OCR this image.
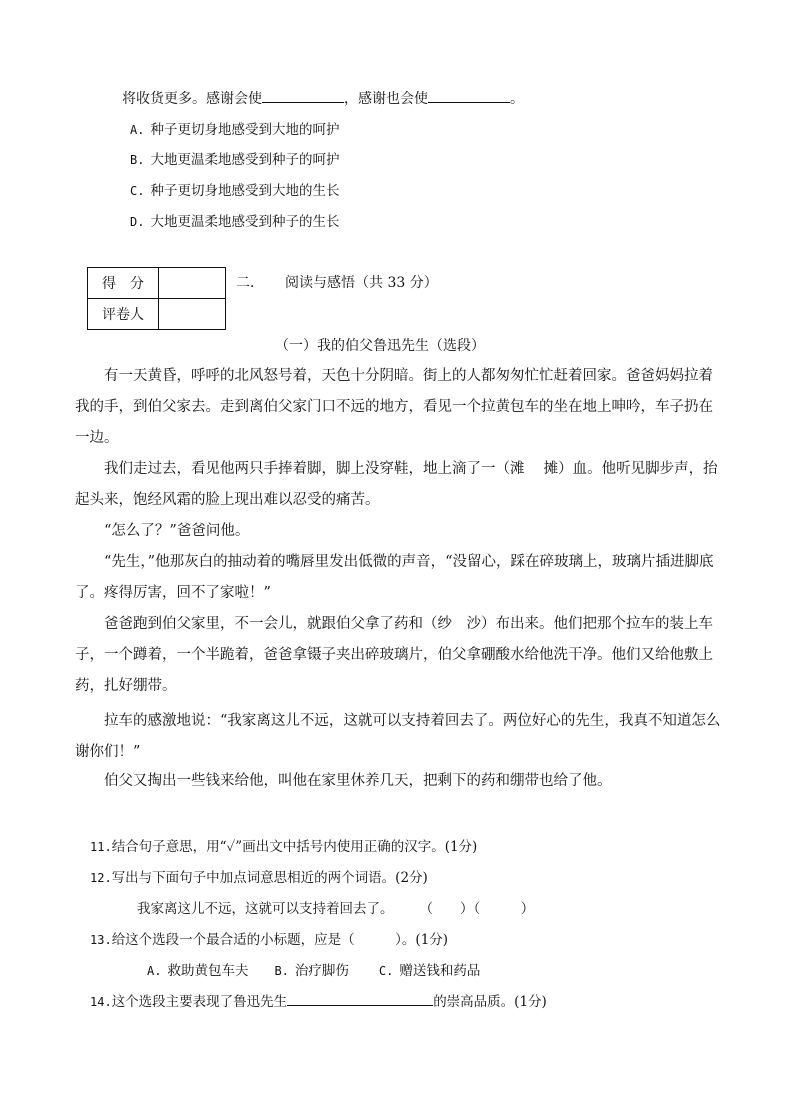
将收货更多。感谢会使	，感谢也会使	。
A. 种子更切身地感受到大地的呵护
B. 大地更温柔地感受到种子的呵护
C. 种子更切身地感受到大地的生长
D. 大地更温柔地感受到种子的生长
得　分	
评卷人	
二．　　阅读与感悟（共 33 分）
（一）我的伯父鲁迅先生（选段）
有一天黄昏，呼呼的北风怒号着，天色十分阴暗。街上的人都匆匆忙忙赶着回家。爸爸妈妈拉着我的手，到伯父家去。走到离伯父家门口不远的地方，看见一个拉黄包车的坐在地上呻吟，车子扔在一边。
我们走过去，看见他两只手捧着脚，脚上没穿鞋，地上滴了一（滩　 摊）血。他听见脚步声，抬起头来，饱经风霜的脸上现出难以忍受的痛苦。
“怎么了？”爸爸问他。
“先生，”他那灰白的抽动着的嘴唇里发出低微的声音，“没留心，踩在碎玻璃上，玻璃片插进脚底了。疼得厉害，回不了家啦！”
爸爸跑到伯父家里，不一会儿，就跟伯父拿了药和（纱　沙）布出来。他们把那个拉车的装上车子，一个蹲着，一个半跪着，爸爸拿镊子夹出碎玻璃片，伯父拿硼酸水给他洗干净。他们又给他敷上药，扎好绷带。
拉车的感激地说：“我家离这儿不远，这就可以支持着回去了。两位好心的先生，我真不知道怎么谢你们！”
伯父又掏出一些钱来给他，叫他在家里休养几天，把剩下的药和绷带也给了他。
11.结合句子意思，用“✓”画出文中括号内使用正确的汉字。(1分)
12.写出与下面句子中加点词意思相近的两个词语。(2分)
我家离这儿不远，这就可以支持着回去了。 （　　）（　　　）
13.给这个选段一个最合适的小标题，应是（　　　）。(1分)
A. 救助黄包车夫 B. 治疗脚伤	C. 赠送钱和药品
14.这个选段主要表现了鲁迅先生	的崇高品质。(1分)
